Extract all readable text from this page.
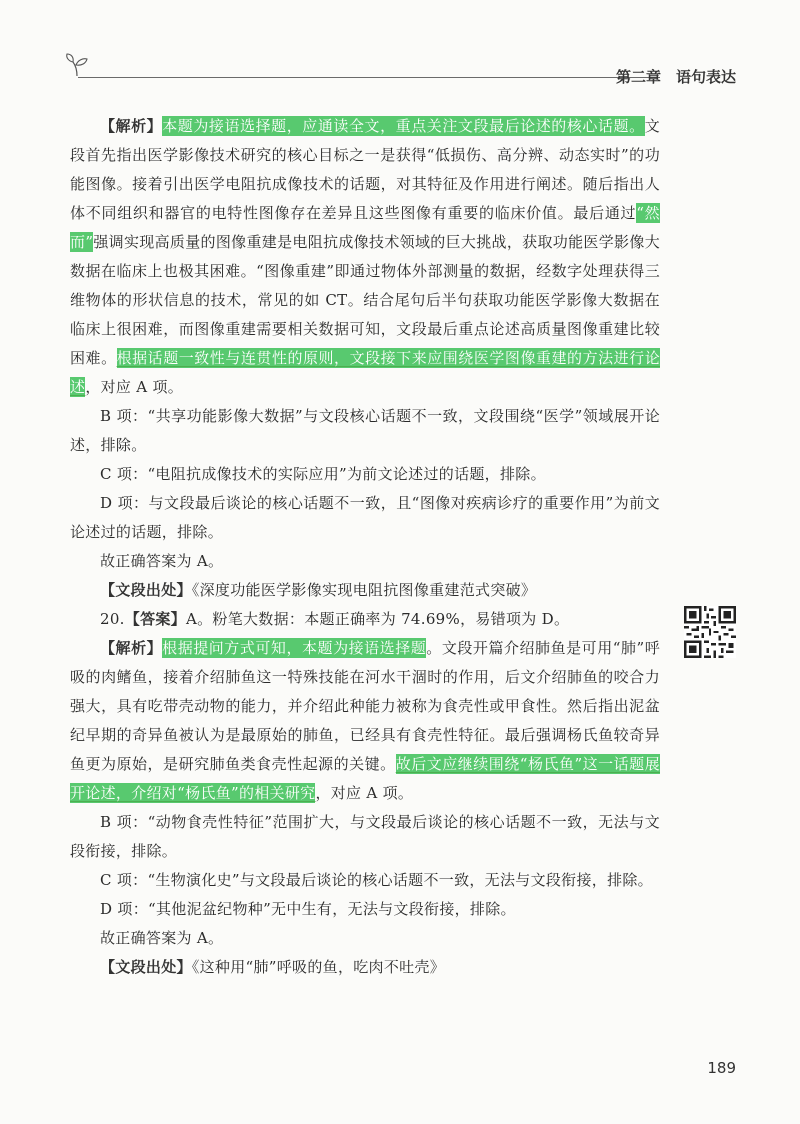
第二章　语句表达

【解析】本题为接语选择题，应通读全文，重点关注文段最后论述的核心话题。文段首先指出医学影像技术研究的核心目标之一是获得“低损伤、高分辨、动态实时”的功能图像。接着引出医学电阻抗成像技术的话题，对其特征及作用进行阐述。随后指出人体不同组织和器官的电特性图像存在差异且这些图像有重要的临床价值。最后通过“然而”强调实现高质量的图像重建是电阻抗成像技术领域的巨大挑战，获取功能医学影像大数据在临床上也极其困难。“图像重建”即通过物体外部测量的数据，经数字处理获得三维物体的形状信息的技术，常见的如 CT。结合尾句后半句获取功能医学影像大数据在临床上很困难，而图像重建需要相关数据可知，文段最后重点论述高质量图像重建比较困难。根据话题一致性与连贯性的原则，文段接下来应围绕医学图像重建的方法进行论述，对应 A 项。

B 项：“共享功能影像大数据”与文段核心话题不一致，文段围绕“医学”领域展开论述，排除。

C 项：“电阻抗成像技术的实际应用”为前文论述过的话题，排除。

D 项：与文段最后谈论的核心话题不一致，且“图像对疾病诊疗的重要作用”为前文论述过的话题，排除。

故正确答案为 A。

【文段出处】《深度功能医学影像实现电阻抗图像重建范式突破》

20.【答案】A。粉笔大数据：本题正确率为 74.69%，易错项为 D。

【解析】根据提问方式可知，本题为接语选择题。文段开篇介绍肺鱼是可用“肺”呼吸的肉鳍鱼，接着介绍肺鱼这一特殊技能在河水干涸时的作用，后文介绍肺鱼的咬合力强大，具有吃带壳动物的能力，并介绍此种能力被称为食壳性或甲食性。然后指出泥盆纪早期的奇异鱼被认为是最原始的肺鱼，已经具有食壳性特征。最后强调杨氏鱼较奇异鱼更为原始，是研究肺鱼类食壳性起源的关键。故后文应继续围绕“杨氏鱼”这一话题展开论述，介绍对“杨氏鱼”的相关研究，对应 A 项。

B 项：“动物食壳性特征”范围扩大，与文段最后谈论的核心话题不一致，无法与文段衔接，排除。

C 项：“生物演化史”与文段最后谈论的核心话题不一致，无法与文段衔接，排除。

D 项：“其他泥盆纪物种”无中生有，无法与文段衔接，排除。

故正确答案为 A。

【文段出处】《这种用“肺”呼吸的鱼，吃肉不吐壳》

189
